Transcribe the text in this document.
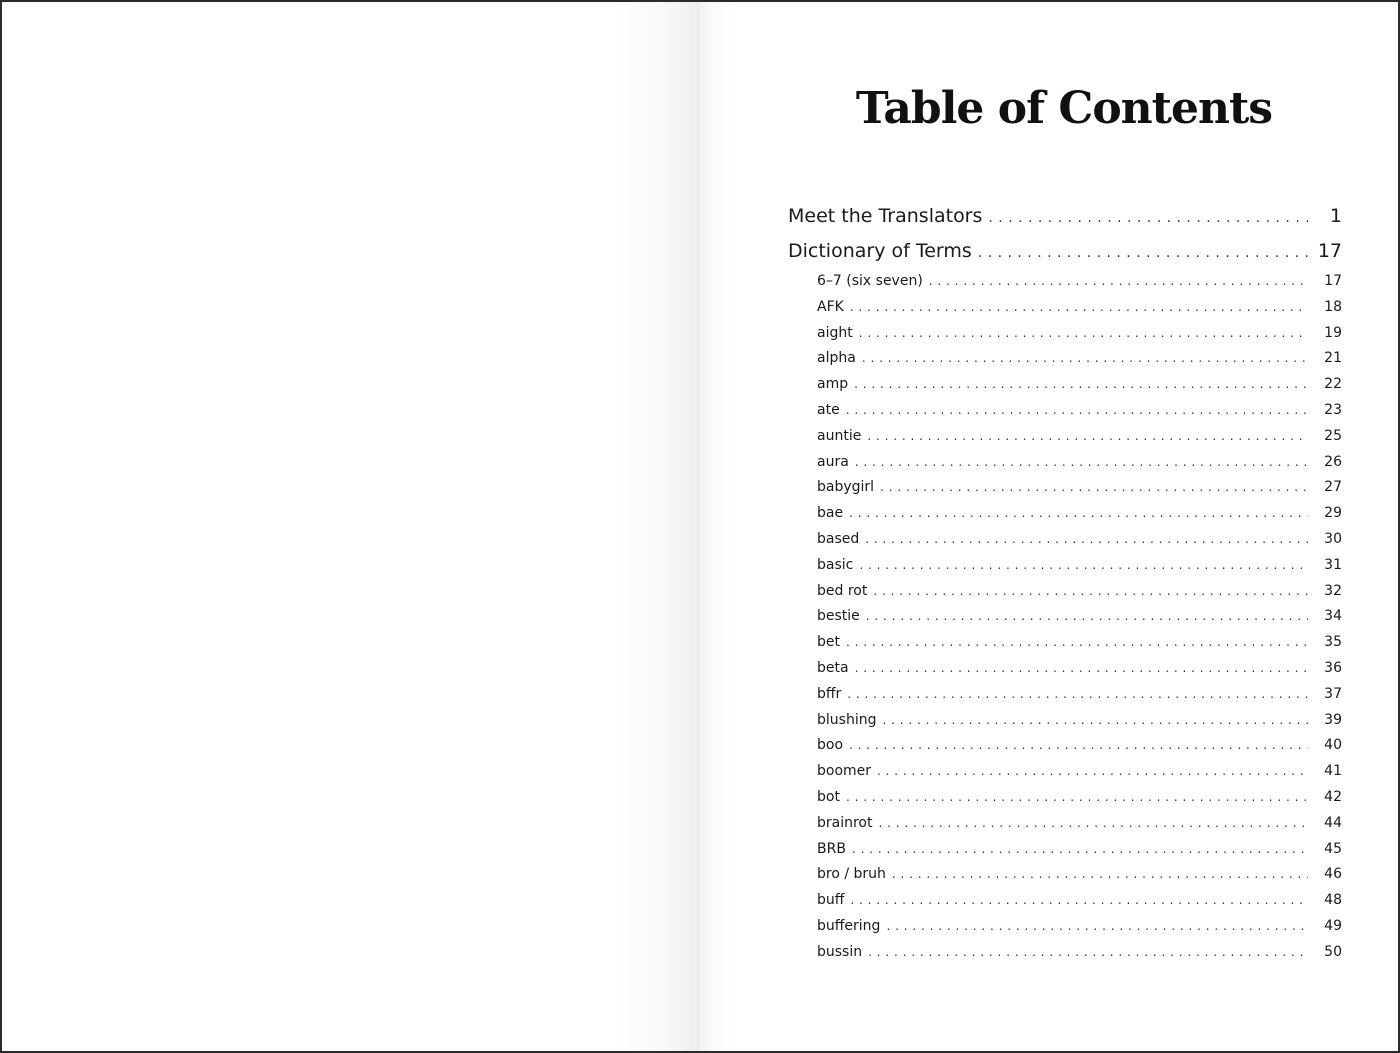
Table of Contents
Meet the Translators . . .	1
Dictionary of Terms . . .	17
6–7 (six seven) . . .	17
AFK . . .	18
aight . . .	19
alpha . . .	21
amp . . .	22
ate . . .	23
auntie . . .	25
aura . . .	26
babygirl . . .	27
bae . . .	29
based . . .	30
basic . . .	31
bed rot . . .	32
bestie . . .	34
bet . . .	35
beta . . .	36
bffr . . .	37
blushing . . .	39
boo . . .	40
boomer . . .	41
bot . . .	42
brainrot . . .	44
BRB . . .	45
bro / bruh . . .	46
buff . . .	48
buffering . . .	49
bussin . . .	50
